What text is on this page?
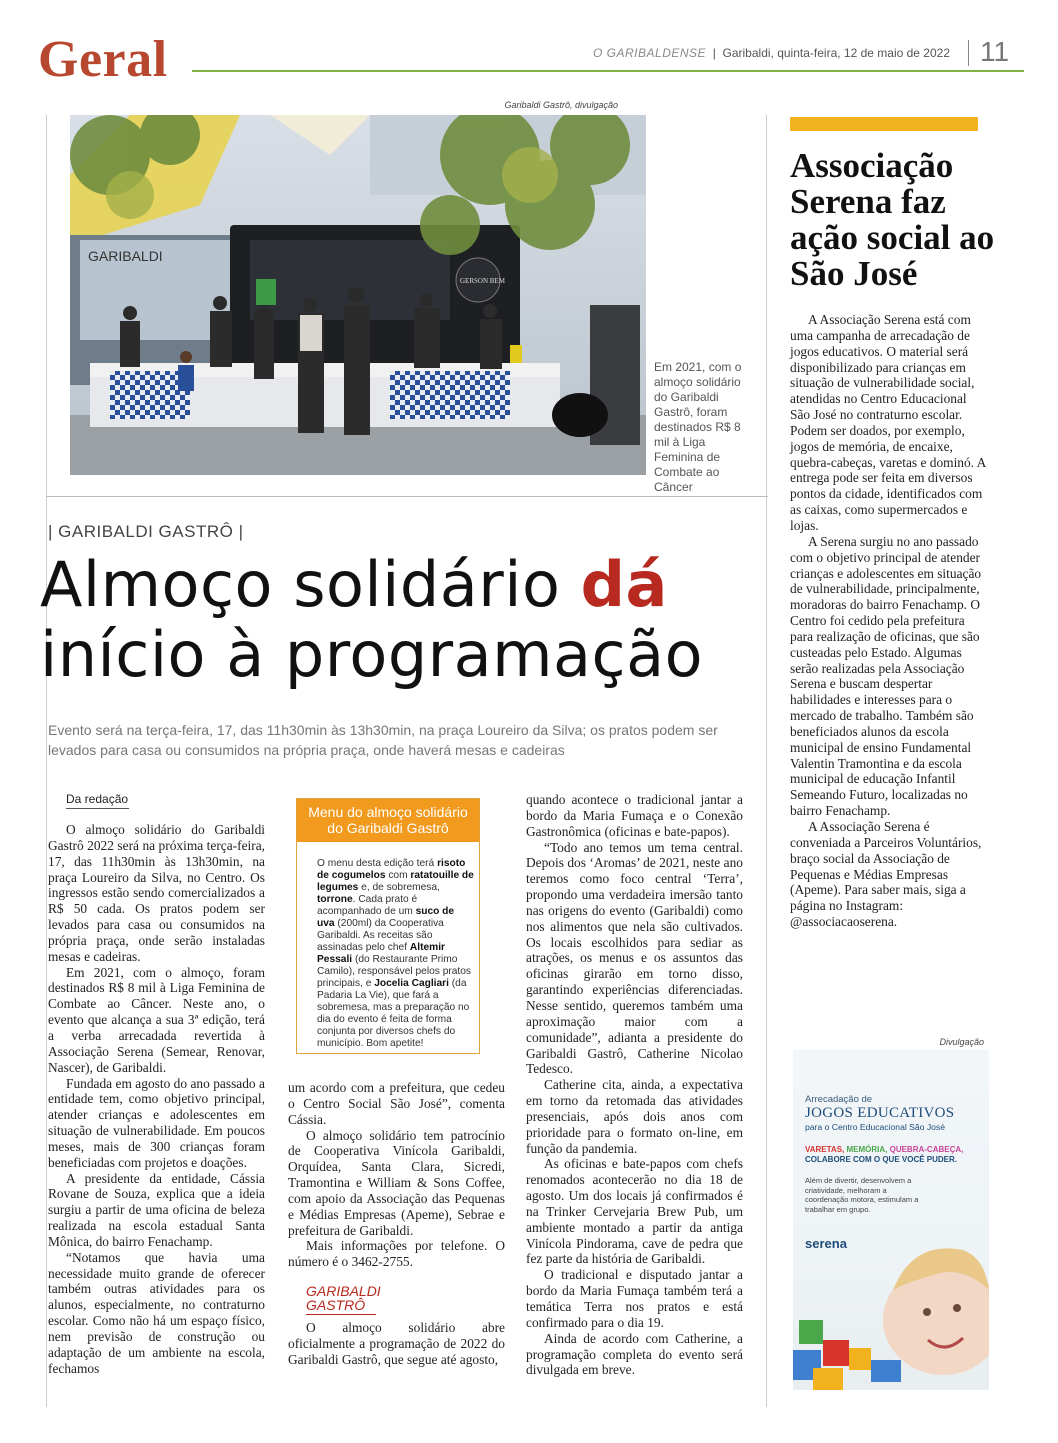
Geral	O GARIBALDENSE  |  Garibaldi, quinta-feira, 12 de maio de 2022 11
Garibaldi Gastrô, divulgação
GARIBALDI
GERSON BEM
Em 2021, com o almoço solidário do Garibaldi Gastrô, foram destinados R$ 8 mil à Liga Feminina de Combate ao Câncer
| GARIBALDI GASTRÔ |
Almoço solidário dá
início à programação
Evento será na terça-feira, 17, das 11h30min às 13h30min, na praça Loureiro da Silva; os pratos podem ser levados para casa ou consumidos na própria praça, onde haverá mesas e cadeiras
Da redação

O almoço solidário do Garibaldi Gastrô 2022 será na próxima terça-feira, 17, das 11h30min às 13h30min, na praça Loureiro da Silva, no Centro. Os ingressos estão sendo comercializados a R$ 50 cada. Os pratos podem ser levados para casa ou consumidos na própria praça, onde serão instaladas mesas e cadeiras.

Em 2021, com o almoço, foram destinados R$ 8 mil à Liga Feminina de Combate ao Câncer. Neste ano, o evento que alcança a sua 3ª edição, terá a verba arrecadada revertida à Associação Serena (Semear, Renovar, Nascer), de Garibaldi.

Fundada em agosto do ano passado a entidade tem, como objetivo principal, atender crianças e adolescentes em situação de vulnerabilidade. Em poucos meses, mais de 300 crianças foram beneficiadas com projetos e doações.

A presidente da entidade, Cássia Rovane de Souza, explica que a ideia surgiu a partir de uma oficina de beleza realizada na escola estadual Santa Mônica, do bairro Fenachamp.

“Notamos que havia uma necessidade muito grande de oferecer também outras atividades para os alunos, especialmente, no contraturno escolar. Como não há um espaço físico, nem previsão de construção ou adaptação de um ambiente na escola, fechamos

Menu do almoço solidário do Garibaldi Gastrô
O menu desta edição terá risoto de cogumelos com ratatouille de legumes e, de sobremesa, torrone. Cada prato é acompanhado de um suco de uva (200ml) da Cooperativa Garibaldi. As receitas são assinadas pelo chef Altemir Pessali (do Restaurante Primo Camilo), responsável pelos pratos principais, e Jocelia Cagliari (da Padaria La Vie), que fará a sobremesa, mas a preparação no dia do evento é feita de forma conjunta por diversos chefs do município. Bom apetite!

um acordo com a prefeitura, que cedeu o Centro Social São José”, comenta Cássia.

O almoço solidário tem patrocínio de Cooperativa Vinícola Garibaldi, Orquídea, Santa Clara, Sicredi, Tramontina e William & Sons Coffee, com apoio da Associação das Pequenas e Médias Empresas (Apeme), Sebrae e prefeitura de Garibaldi.

Mais informações por telefone. O número é o 3462-2755.

GARIBALDI
GASTRÔ

O almoço solidário abre oficialmente a programação de 2022 do Garibaldi Gastrô, que segue até agosto,

quando acontece o tradicional jantar a bordo da Maria Fumaça e o Conexão Gastronômica (oficinas e bate-papos).

“Todo ano temos um tema central. Depois dos ‘Aromas’ de 2021, neste ano teremos como foco central ‘Terra’, propondo uma verdadeira imersão tanto nas origens do evento (Garibaldi) como nos alimentos que nela são cultivados. Os locais escolhidos para sediar as atrações, os menus e os assuntos das oficinas girarão em torno disso, garantindo experiências diferenciadas. Nesse sentido, queremos também uma aproximação maior com a comunidade”, adianta a presidente do Garibaldi Gastrô, Catherine Nicolao Tedesco.

Catherine cita, ainda, a expectativa em torno da retomada das atividades presenciais, após dois anos com prioridade para o formato on-line, em função da pandemia.

As oficinas e bate-papos com chefs renomados acontecerão no dia 18 de agosto. Um dos locais já confirmados é na Trinker Cervejaria Brew Pub, um ambiente montado a partir da antiga Vinícola Pindorama, cave de pedra que fez parte da história de Garibaldi.

O tradicional e disputado jantar a bordo da Maria Fumaça também terá a temática Terra nos pratos e está confirmado para o dia 19.

Ainda de acordo com Catherine, a programação completa do evento será divulgada em breve.

Associação Serena faz ação social ao São José

A Associação Serena está com uma campanha de arrecadação de jogos educativos. O material será disponibilizado para crianças em situação de vulnerabilidade social, atendidas no Centro Educacional São José no contraturno escolar. Podem ser doados, por exemplo, jogos de memória, de encaixe, quebra-cabeças, varetas e dominó. A entrega pode ser feita em diversos pontos da cidade, identificados com as caixas, como supermercados e lojas.

A Serena surgiu no ano passado com o objetivo principal de atender crianças e adolescentes em situação de vulnerabilidade, principalmente, moradoras do bairro Fenachamp. O Centro foi cedido pela prefeitura para realização de oficinas, que são custeadas pelo Estado. Algumas serão realizadas pela Associação Serena e buscam despertar habilidades e interesses para o mercado de trabalho. Também são beneficiados alunos da escola municipal de ensino Fundamental Valentin Tramontina e da escola municipal de educação Infantil Semeando Futuro, localizadas no bairro Fenachamp.

A Associação Serena é conveniada a Parceiros Voluntários, braço social da Associação de Pequenas e Médias Empresas (Apeme). Para saber mais, siga a página no Instagram: @associacaoserena.

Divulgação
Arrecadação de
JOGOS EDUCATIVOS
para o Centro Educacional São José
VARETAS, MEMÓRIA, QUEBRA-CABEÇA,
COLABORE COM O QUE VOCÊ PUDER.
Além de divertir, desenvolvem a criatividade, melhoram a coordenação motora, estimulam a trabalhar em grupo.
serena
